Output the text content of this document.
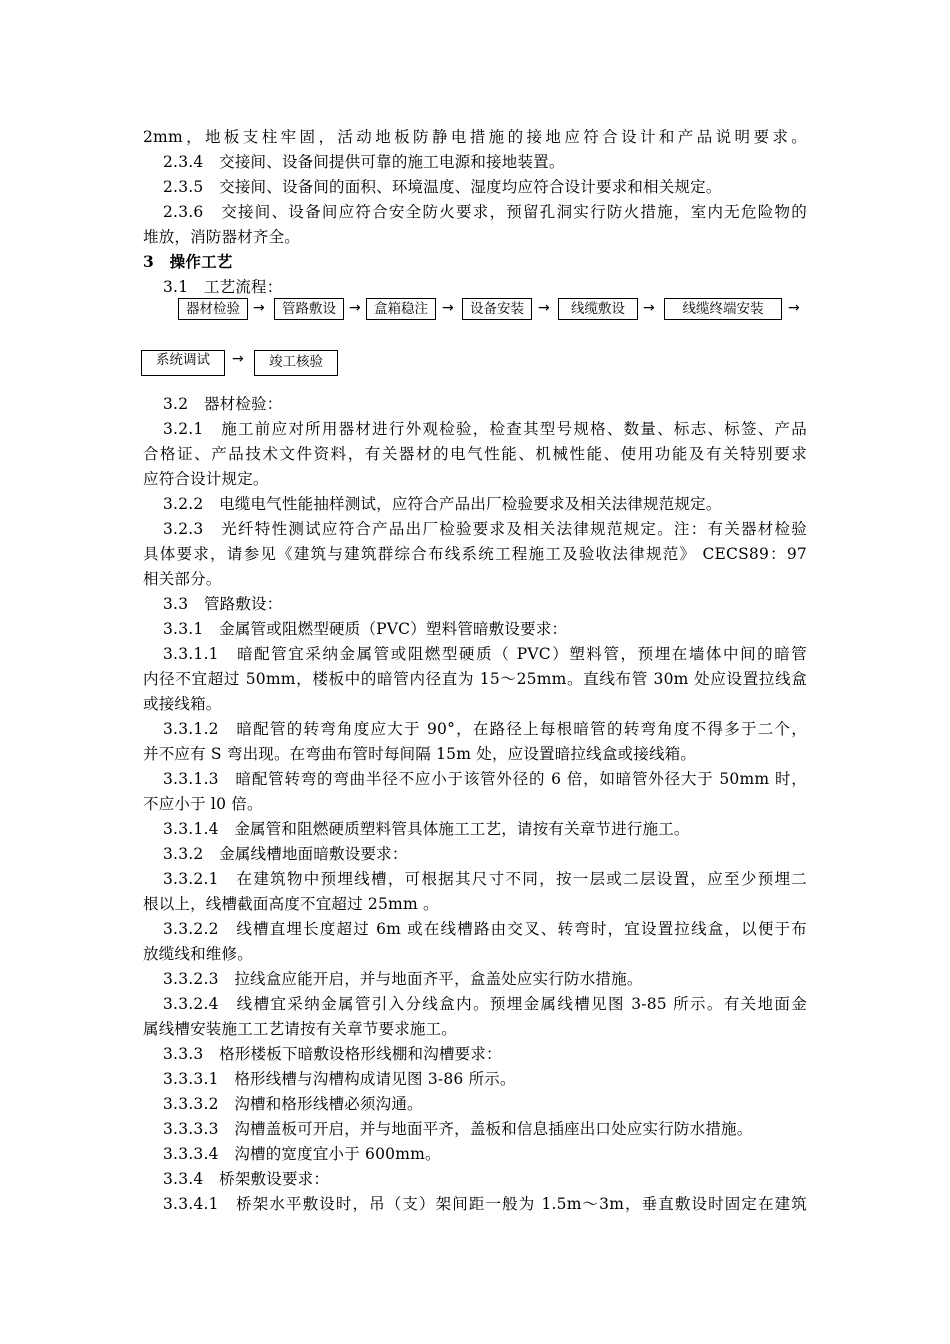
2mm，地板支柱牢固，活动地板防静电措施的接地应符合设计和产品说明要求。
2.3.4　交接间、设备间提供可靠的施工电源和接地装置。
2.3.5　交接间、设备间的面积、环境温度、湿度均应符合设计要求和相关规定。
2.3.6　交接间、设备间应符合安全防火要求，预留孔洞实行防火措施，室内无危险物的
堆放，消防器材齐全。
3　操作工艺
3.1　工艺流程：
器材检验 →	管路敷设 → 盒箱稳注	→	设备安装	→	线缆敷设	→	线缆终端安装	→
系统调试	→	竣工核验
3.2　器材检验：
3.2.1　施工前应对所用器材进行外观检验，检查其型号规格、数量、标志、标签、产品
合格证、产品技术文件资料，有关器材的电气性能、机械性能、使用功能及有关特别要求
应符合设计规定。
3.2.2　电缆电气性能抽样测试，应符合产品出厂检验要求及相关法律规范规定。
3.2.3　光纤特性测试应符合产品出厂检验要求及相关法律规范规定。注：有关器材检验
具体要求，请参见《建筑与建筑群综合布线系统工程施工及验收法律规范》 CECS89：97
相关部分。
3.3　管路敷设：
3.3.1　金属管或阻燃型硬质（PVC）塑料管暗敷设要求：
3.3.1.1　暗配管宜采纳金属管或阻燃型硬质（ PVC）塑料管，预埋在墙体中间的暗管
内径不宜超过 50mm，楼板中的暗管内径直为 15～25mm。直线布管 30m 处应设置拉线盒
或接线箱。
3.3.1.2　暗配管的转弯角度应大于 90°，在路径上每根暗管的转弯角度不得多于二个，
并不应有 S 弯出现。在弯曲布管时每间隔 15m 处，应设置暗拉线盒或接线箱。
3.3.1.3　暗配管转弯的弯曲半径不应小于该管外径的 6 倍，如暗管外径大于 50mm 时，
不应小于 l0 倍。
3.3.1.4　金属管和阻燃硬质塑料管具体施工工艺，请按有关章节进行施工。
3.3.2　金属线槽地面暗敷设要求：
3.3.2.1　在建筑物中预埋线槽，可根据其尺寸不同，按一层或二层设置，应至少预埋二
根以上，线槽截面高度不宜超过 25mm 。
3.3.2.2　线槽直埋长度超过 6m 或在线槽路由交叉、转弯时，宜设置拉线盒，以便于布
放缆线和维修。
3.3.2.3　拉线盒应能开启，并与地面齐平，盒盖处应实行防水措施。
3.3.2.4　线槽宜采纳金属管引入分线盒内。预埋金属线槽见图 3-85 所示。有关地面金
属线槽安装施工工艺请按有关章节要求施工。
3.3.3　格形楼板下暗敷设格形线棚和沟槽要求：
3.3.3.1　格形线槽与沟槽构成请见图 3-86 所示。
3.3.3.2　沟槽和格形线槽必须沟通。
3.3.3.3　沟槽盖板可开启，并与地面平齐，盖板和信息插座出口处应实行防水措施。
3.3.3.4　沟槽的宽度宜小于 600mm。
3.3.4　桥架敷设要求：
3.3.4.1　桥架水平敷设时，吊（支）架间距一般为 1.5m～3m，垂直敷设时固定在建筑
